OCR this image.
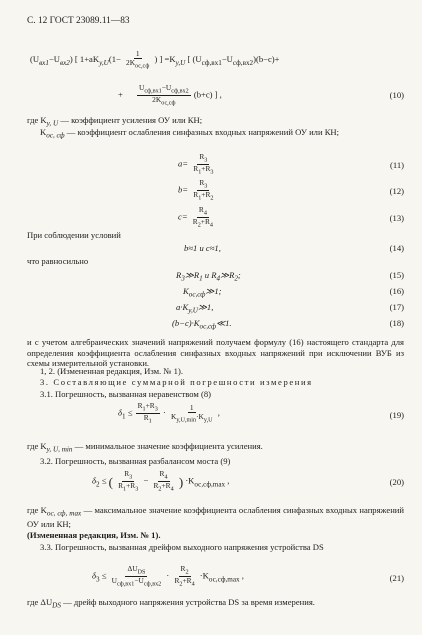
С. 12 ГОСТ 23089.11—83
$(U_{вх1}-U_{вх2})$ [ $1+aK_{y,U}(1- \frac{1}{2K_{ос,сф}}$ ) ] $=K_{y,U}$ [ $(U_{сф,вх1}-U_{сф,вх2})(b-c)+$
+ $\frac{U_{сф,вх1}-U_{сф,вх2}}{2K_{ос,сф}} (b+c)$ ] ,	(10)
где $K_{y, U}$ — коэффициент усиления ОУ или КН;
$K_{ос, сф}$ — коэффициент ослабления синфазных входных напряжений ОУ или КН;
$a= \frac{R_3}{R_1+R_3}$	(11)
$b= \frac{R_3}{R_1+R_2}$	(12)
$c= \frac{R_4}{R_2+R_4}$	(13)
При соблюдении условий
b≈1 и c≈1,	(14)
что равносильно
$R_3≫R_1$ и $R_4≫R_2$;	(15)
$K_{ос,сф}≫1$;	(16)
$a\cdot K_{y,U}≫1$,	(17)
$(b-c)\cdot K_{ос,сф}≪1$.	(18)
и с учетом алгебраических значений напряжений получаем формулу (16) настоящего стандарта для определения коэффициента ослабления синфазных входных напряжений при исключении ВУБ из схемы измерительной установки.
1, 2. (Измененная редакция, Изм. № 1).
3. Составляющие суммарной погрешности измерения
3.1. Погрешность, вызванная неравенством (8)
$\delta_1 \le \frac{R_1+R_3}{R_1} \cdot \frac{1}{K_{y,U,min}\cdot K_{y,U}}$ ,	(19)
где $K_{y, U, min}$ — минимальное значение коэффициента усиления.
3.2. Погрешность, вызванная разбалансом моста (9)
$\delta_2$ ≤ ( $\frac{R_3}{R_1+R_3} - \frac{R_4}{R_2+R_4}$ ) $\cdot K_{ос,сф,max}$ ,	(20)
где $K_{ос, сф, max}$ — максимальное значение коэффициента ослабления синфазных входных напряжений ОУ или КН;
(Измененная редакция, Изм. № 1).
3.3. Погрешность, вызванная дрейфом выходного напряжения устройства DS
$\delta_3 \le \frac{\Delta U_{DS}}{U_{сф,вх1}-U_{сф,вх2}} \cdot \frac{R_2}{R_2+R_4} \cdot K_{ос,сф,max}$ ,	(21)
где $\Delta U_{DS}$ — дрейф выходного напряжения устройства DS за время измерения.
